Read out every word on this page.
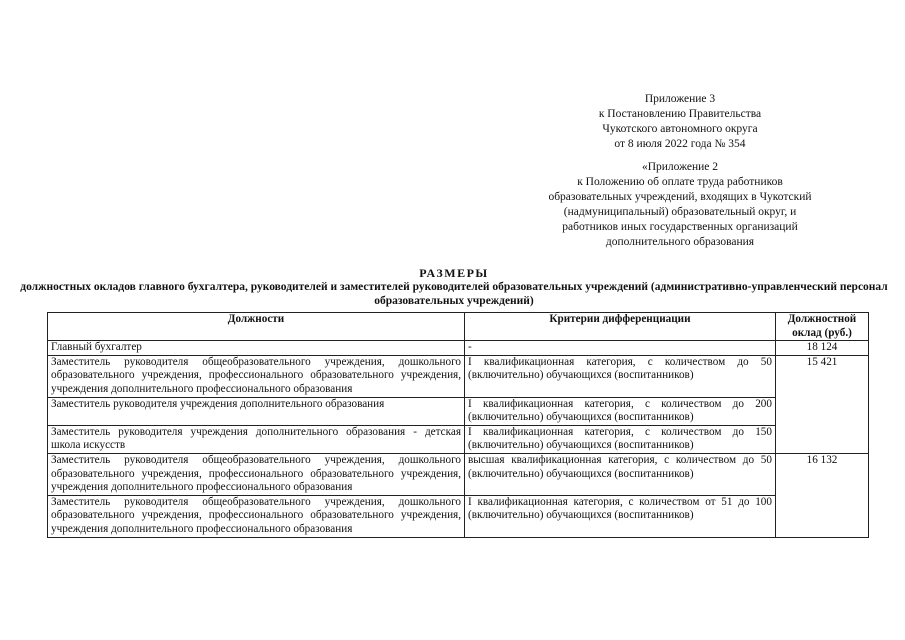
Приложение 3
к Постановлению Правительства
Чукотского автономного округа
от 8 июля 2022 года № 354
«Приложение 2
к Положению об оплате труда работников
образовательных учреждений, входящих в Чукотский
(надмуниципальный) образовательный округ, и
работников иных государственных организаций
дополнительного образования
РАЗМЕРЫ
должностных окладов главного бухгалтера, руководителей и заместителей руководителей образовательных учреждений (административно-управленческий персонал образовательных учреждений)
Должности	Критерии дифференциации	Должностной оклад (руб.)
Главный бухгалтер	-	18 124
Заместитель руководителя общеобразовательного учреждения, дошкольного образовательного учреждения, профессионального образовательного учреждения, учреждения дополнительного профессионального образования	I квалификационная категория, с количеством до 50 (включительно) обучающихся (воспитанников)	15 421
Заместитель руководителя учреждения дополнительного образования	I квалификационная категория, с количеством до 200 (включительно) обучающихся (воспитанников)	
Заместитель руководителя учреждения дополнительного образования - детская школа искусств	I квалификационная категория, с количеством до 150 (включительно) обучающихся (воспитанников)	
Заместитель руководителя общеобразовательного учреждения, дошкольного образовательного учреждения, профессионального образовательного учреждения, учреждения дополнительного профессионального образования	высшая квалификационная категория, с количеством до 50 (включительно) обучающихся (воспитанников)	16 132
Заместитель руководителя общеобразовательного учреждения, дошкольного образовательного учреждения, профессионального образовательного учреждения, учреждения дополнительного профессионального образования	I квалификационная категория, с количеством от 51 до 100 (включительно) обучающихся (воспитанников)	
